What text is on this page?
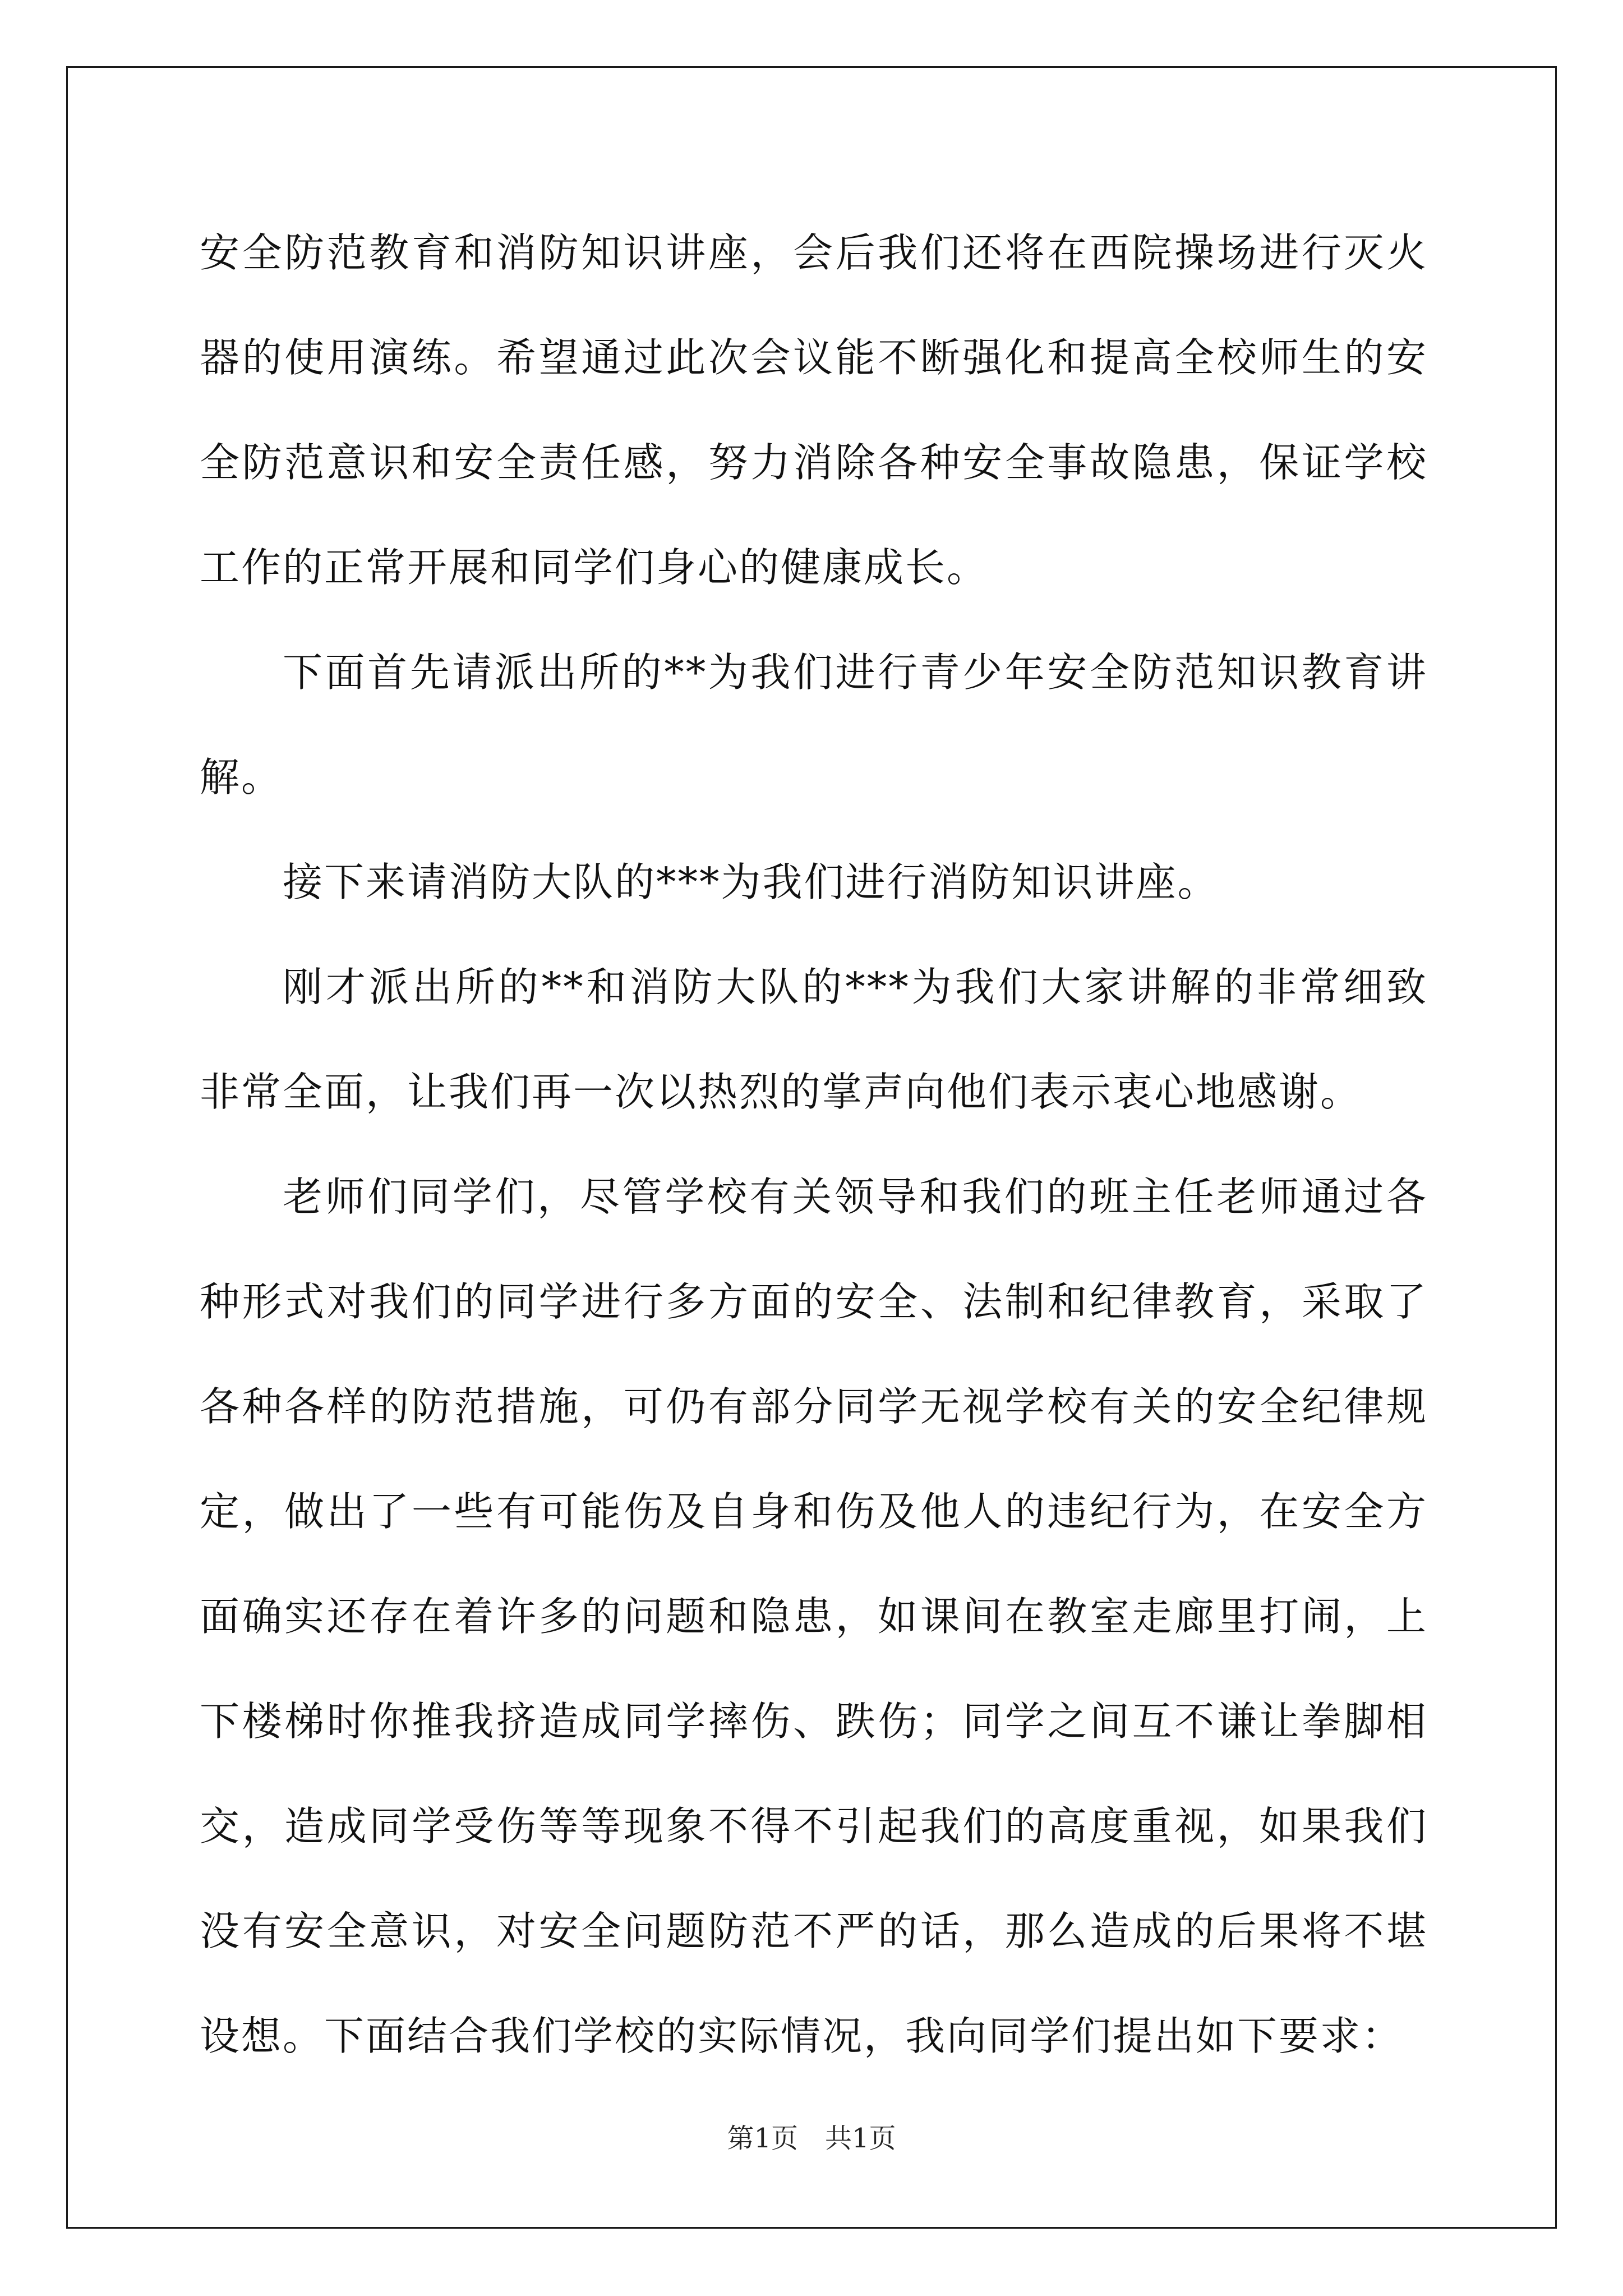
安全防范教育和消防知识讲座，会后我们还将在西院操场进行灭火器的使用演练。希望通过此次会议能不断强化和提高全校师生的安全防范意识和安全责任感，努力消除各种安全事故隐患，保证学校工作的正常开展和同学们身心的健康成长。

下面首先请派出所的**为我们进行青少年安全防范知识教育讲解。

接下来请消防大队的***为我们进行消防知识讲座。

刚才派出所的**和消防大队的***为我们大家讲解的非常细致非常全面，让我们再一次以热烈的掌声向他们表示衷心地感谢。

老师们同学们，尽管学校有关领导和我们的班主任老师通过各种形式对我们的同学进行多方面的安全、法制和纪律教育，采取了各种各样的防范措施，可仍有部分同学无视学校有关的安全纪律规定，做出了一些有可能伤及自身和伤及他人的违纪行为，在安全方面确实还存在着许多的问题和隐患，如课间在教室走廊里打闹，上下楼梯时你推我挤造成同学摔伤、跌伤；同学之间互不谦让拳脚相交，造成同学受伤等等现象不得不引起我们的高度重视，如果我们没有安全意识，对安全问题防范不严的话，那么造成的后果将不堪设想。下面结合我们学校的实际情况，我向同学们提出如下要求：

第1页　共1页
